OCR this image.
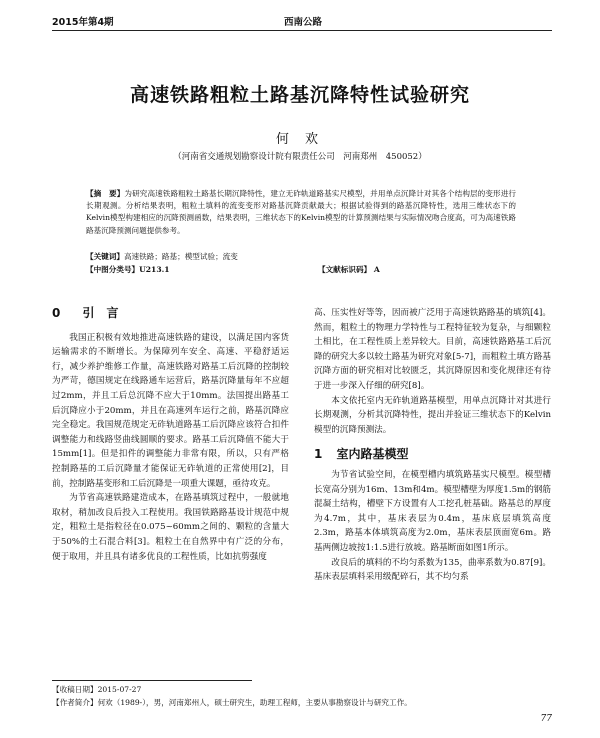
2015年第4期	西南公路
高速铁路粗粒土路基沉降特性试验研究
何 欢
（河南省交通规划勘察设计院有限责任公司　河南郑州　450052）
【摘　要】为研究高速铁路粗粒土路基长期沉降特性，建立无砟轨道路基实尺模型，并用单点沉降计对其各个结构层的变形进行长期观测。分析结果表明，粗粒土填料的流变变形对路基沉降贡献最大；根据试验得到的路基沉降特性，选用三维状态下的Kelvin模型构建相应的沉降预测函数，结果表明，三维状态下的Kelvin模型的计算预测结果与实际情况吻合度高，可为高速铁路路基沉降预测问题提供参考。
【关键词】高速铁路；路基；模型试验；流变
【中图分类号】U213.1	【文献标识码】 A
0 引　言

我国正积极有效地推进高速铁路的建设，以满足国内客货运输需求的不断增长。为保障列车安全、高速、平稳舒适运行，减少养护维修工作量，高速铁路对路基工后沉降的控制较为严苛，德国规定在线路通车运营后，路基沉降量每年不应超过2mm，并且工后总沉降不应大于10mm。法国提出路基工后沉降应小于20mm，并且在高速列车运行之前，路基沉降应完全稳定。我国规范规定无砟轨道路基工后沉降应该符合扣件调整能力和线路竖曲线圆顺的要求。路基工后沉降值不能大于15mm[1]。但是扣件的调整能力非常有限，所以，只有严格控制路基的工后沉降量才能保证无砟轨道的正常使用[2]，目前，控制路基变形和工后沉降是一项重大课题，亟待攻克。

为节省高速铁路建造成本，在路基填筑过程中，一般就地取材，稍加改良后投入工程使用。我国铁路路基设计规范中规定，粗粒土是指粒径在0.075~60mm之间的、颗粒的含量大于50%的土石混合料[3]。粗粒土在自然界中有广泛的分布，便于取用，并且具有诸多优良的工程性质，比如抗剪强度

高、压实性好等等，因而被广泛用于高速铁路路基的填筑[4]。然而，粗粒土的物理力学特性与工程特征较为复杂，与细颗粒土相比，在工程性质上差异较大。目前，高速铁路路基工后沉降的研究大多以较土路基为研究对象[5-7]，而粗粒土填方路基沉降方面的研究相对比较匮乏，其沉降原因和变化规律还有待于进一步深入仔细的研究[8]。

本文依托室内无砟轨道路基模型，用单点沉降计对其进行长期观测，分析其沉降特性，提出并验证三维状态下的Kelvin模型的沉降预测法。

1 室内路基模型

为节省试验空间，在模型槽内填筑路基实尺模型。模型槽长宽高分别为16m、13m和4m。模型槽壁为厚度1.5m的钢筋混凝土结构，槽壁下方设置有人工挖孔桩基础。路基总的厚度为4.7m，其中，基床表层为0.4m，基床底层填筑高度2.3m，路基本体填筑高度为2.0m，基床表层顶面宽6m。路基两侧边坡按1:1.5进行放坡。路基断面如图1所示。

改良后的填料的不均匀系数为135，曲率系数为0.87[9]。基床表层填料采用级配碎石，其不均匀系

【收稿日期】2015-07-27
【作者简介】何欢（1989-），男，河南郑州人，硕士研究生，助理工程师，主要从事勘察设计与研究工作。
77
